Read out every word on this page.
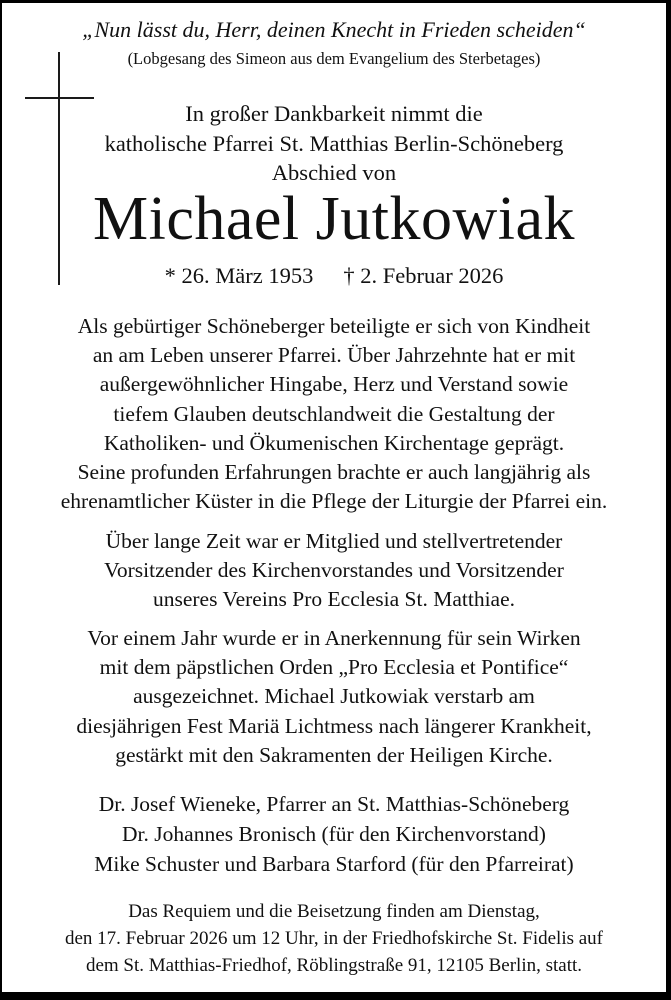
„Nun lässt du, Herr, deinen Knecht in Frieden scheiden“
(Lobgesang des Simeon aus dem Evangelium des Sterbetages)
In großer Dankbarkeit nimmt die
katholische Pfarrei St. Matthias Berlin-Schöneberg
Abschied von
Michael Jutkowiak
* 26. März 1953 † 2. Februar 2026
Als gebürtiger Schöneberger beteiligte er sich von Kindheit
an am Leben unserer Pfarrei. Über Jahrzehnte hat er mit
außergewöhnlicher Hingabe, Herz und Verstand sowie
tiefem Glauben deutschlandweit die Gestaltung der
Katholiken- und Ökumenischen Kirchentage geprägt.
Seine profunden Erfahrungen brachte er auch langjährig als
ehrenamtlicher Küster in die Pflege der Liturgie der Pfarrei ein.
Über lange Zeit war er Mitglied und stellvertretender
Vorsitzender des Kirchenvorstandes und Vorsitzender
unseres Vereins Pro Ecclesia St. Matthiae.
Vor einem Jahr wurde er in Anerkennung für sein Wirken
mit dem päpstlichen Orden „Pro Ecclesia et Pontifice“
ausgezeichnet. Michael Jutkowiak verstarb am
diesjährigen Fest Mariä Lichtmess nach längerer Krankheit,
gestärkt mit den Sakramenten der Heiligen Kirche.
Dr. Josef Wieneke, Pfarrer an St. Matthias-Schöneberg
Dr. Johannes Bronisch (für den Kirchenvorstand)
Mike Schuster und Barbara Starford (für den Pfarreirat)
Das Requiem und die Beisetzung finden am Dienstag,
den 17. Februar 2026 um 12 Uhr, in der Friedhofskirche St. Fidelis auf
dem St. Matthias-Friedhof, Röblingstraße 91, 12105 Berlin, statt.
